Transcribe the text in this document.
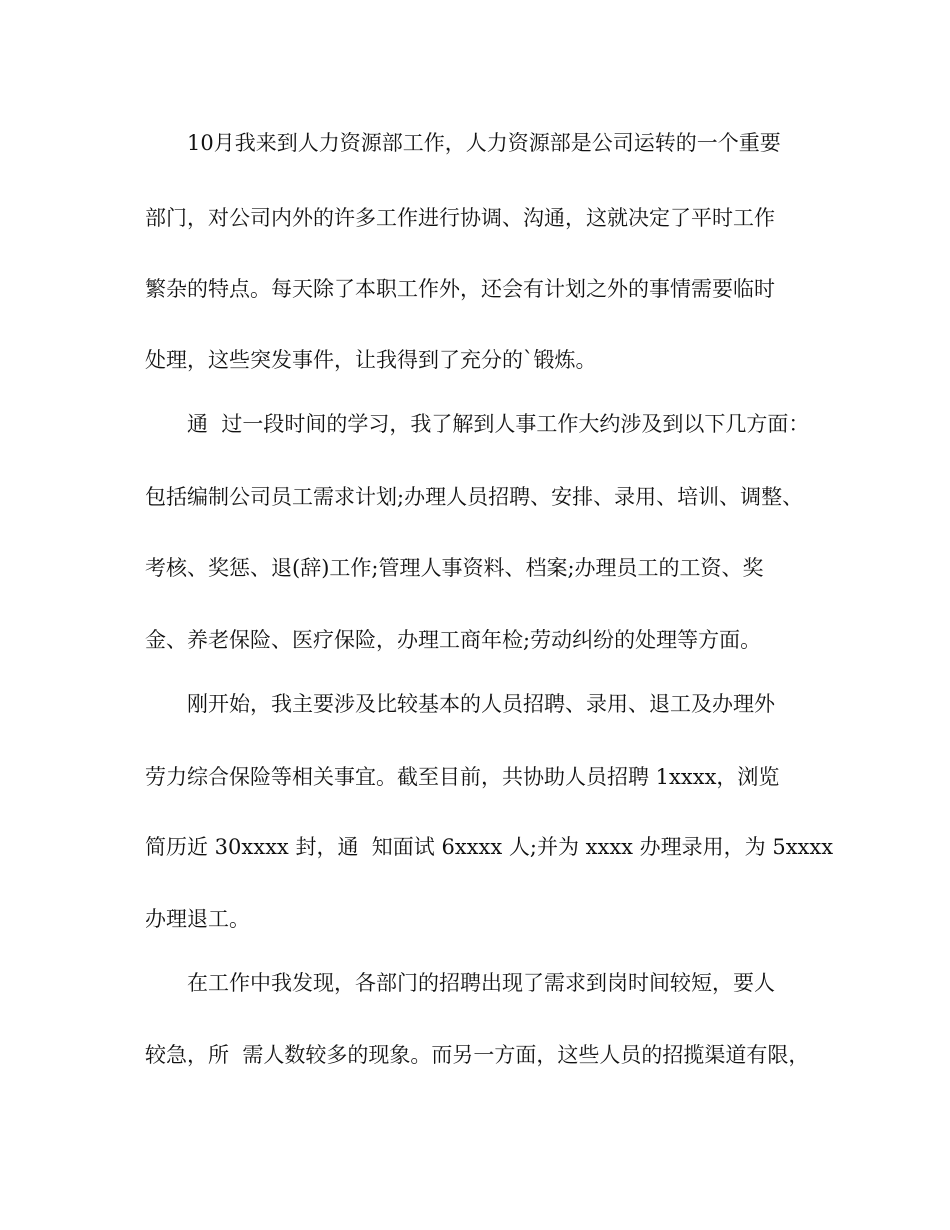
10月我来到人力资源部工作，人力资源部是公司运转的一个重要

部门，对公司内外的许多工作进行协调、沟通，这就决定了平时工作

繁杂的特点。每天除了本职工作外，还会有计划之外的事情需要临时

处理，这些突发事件，让我得到了充分的`锻炼。

通  过一段时间的学习，我了解到人事工作大约涉及到以下几方面：

包括编制公司员工需求计划;办理人员招聘、安排、录用、培训、调整、

考核、奖惩、退(辞)工作;管理人事资料、档案;办理员工的工资、奖

金、养老保险、医疗保险，办理工商年检;劳动纠纷的处理等方面。

刚开始，我主要涉及比较基本的人员招聘、录用、退工及办理外

劳力综合保险等相关事宜。截至目前，共协助人员招聘 1xxxx，浏览

简历近 30xxxx 封，通  知面试 6xxxx 人;并为 xxxx 办理录用，为 5xxxx

办理退工。

在工作中我发现，各部门的招聘出现了需求到岗时间较短，要人

较急，所  需人数较多的现象。而另一方面，这些人员的招揽渠道有限，
